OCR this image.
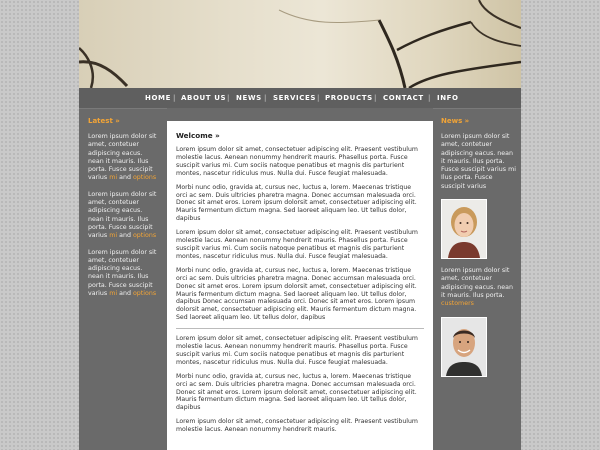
HOME | ABOUT US | NEWS | SERVICES | PRODUCTS | CONTACT | INFO
Latest »
Lorem ipsum dolor sit amet, contetuer adipiscing eacus. nean it mauris. Ilus porta. Fusce suscipit varius mi and options
Lorem ipsum dolor sit amet, contetuer adipiscing eacus. nean it mauris. Ilus porta. Fusce suscipit varius mi and options
Lorem ipsum dolor sit amet, contetuer adipiscing eacus. nean it mauris. Ilus porta. Fusce suscipit varius mi and options
Welcome »

Lorem ipsum dolor sit amet, consectetuer adipiscing elit. Praesent vestibulum molestie lacus. Aenean nonummy hendrerit mauris. Phasellus porta. Fusce suscipit varius mi. Cum sociis natoque penatibus et magnis dis parturient montes, nascetur ridiculus mus. Nulla dui. Fusce feugiat malesuada.

Morbi nunc odio, gravida at, cursus nec, luctus a, lorem. Maecenas tristique orci ac sem. Duis ultricies pharetra magna. Donec accumsan malesuada orci. Donec sit amet eros. Lorem ipsum dolorsit amet, consectetuer adipiscing elit. Mauris fermentum dictum magna. Sed laoreet aliquam leo. Ut tellus dolor, dapibus

Lorem ipsum dolor sit amet, consectetuer adipiscing elit. Praesent vestibulum molestie lacus. Aenean nonummy hendrerit mauris. Phasellus porta. Fusce suscipit varius mi. Cum sociis natoque penatibus et magnis dis parturient montes, nascetur ridiculus mus. Nulla dui. Fusce feugiat malesuada.

Morbi nunc odio, gravida at, cursus nec, luctus a, lorem. Maecenas tristique orci ac sem. Duis ultricies pharetra magna. Donec accumsan malesuada orci. Donec sit amet eros. Lorem ipsum dolorsit amet, consectetuer adipiscing elit. Mauris fermentum dictum magna. Sed laoreet aliquam leo. Ut tellus dolor, dapibus Donec accumsan malesuada orci. Donec sit amet eros. Lorem ipsum dolorsit amet, consectetuer adipiscing elit. Mauris fermentum dictum magna. Sed laoreet aliquam leo. Ut tellus dolor, dapibus

Lorem ipsum dolor sit amet, consectetuer adipiscing elit. Praesent vestibulum molestie lacus. Aenean nonummy hendrerit mauris. Phasellus porta. Fusce suscipit varius mi. Cum sociis natoque penatibus et magnis dis parturient montes, nascetur ridiculus mus. Nulla dui. Fusce feugiat malesuada.

Morbi nunc odio, gravida at, cursus nec, luctus a, lorem. Maecenas tristique orci ac sem. Duis ultricies pharetra magna. Donec accumsan malesuada orci. Donec sit amet eros. Lorem ipsum dolorsit amet, consectetuer adipiscing elit. Mauris fermentum dictum magna. Sed laoreet aliquam leo. Ut tellus dolor, dapibus

Lorem ipsum dolor sit amet, consectetuer adipiscing elit. Praesent vestibulum molestie lacus. Aenean nonummy hendrerit mauris.

News »
Lorem ipsum dolor sit amet, contetuer adipiscing eacus. nean it mauris. Ilus porta. Fusce suscipit varius mi Ilus porta. Fusce suscipit varius
Lorem ipsum dolor sit amet, contetuer adipiscing eacus. nean it mauris. Ilus porta. customers
